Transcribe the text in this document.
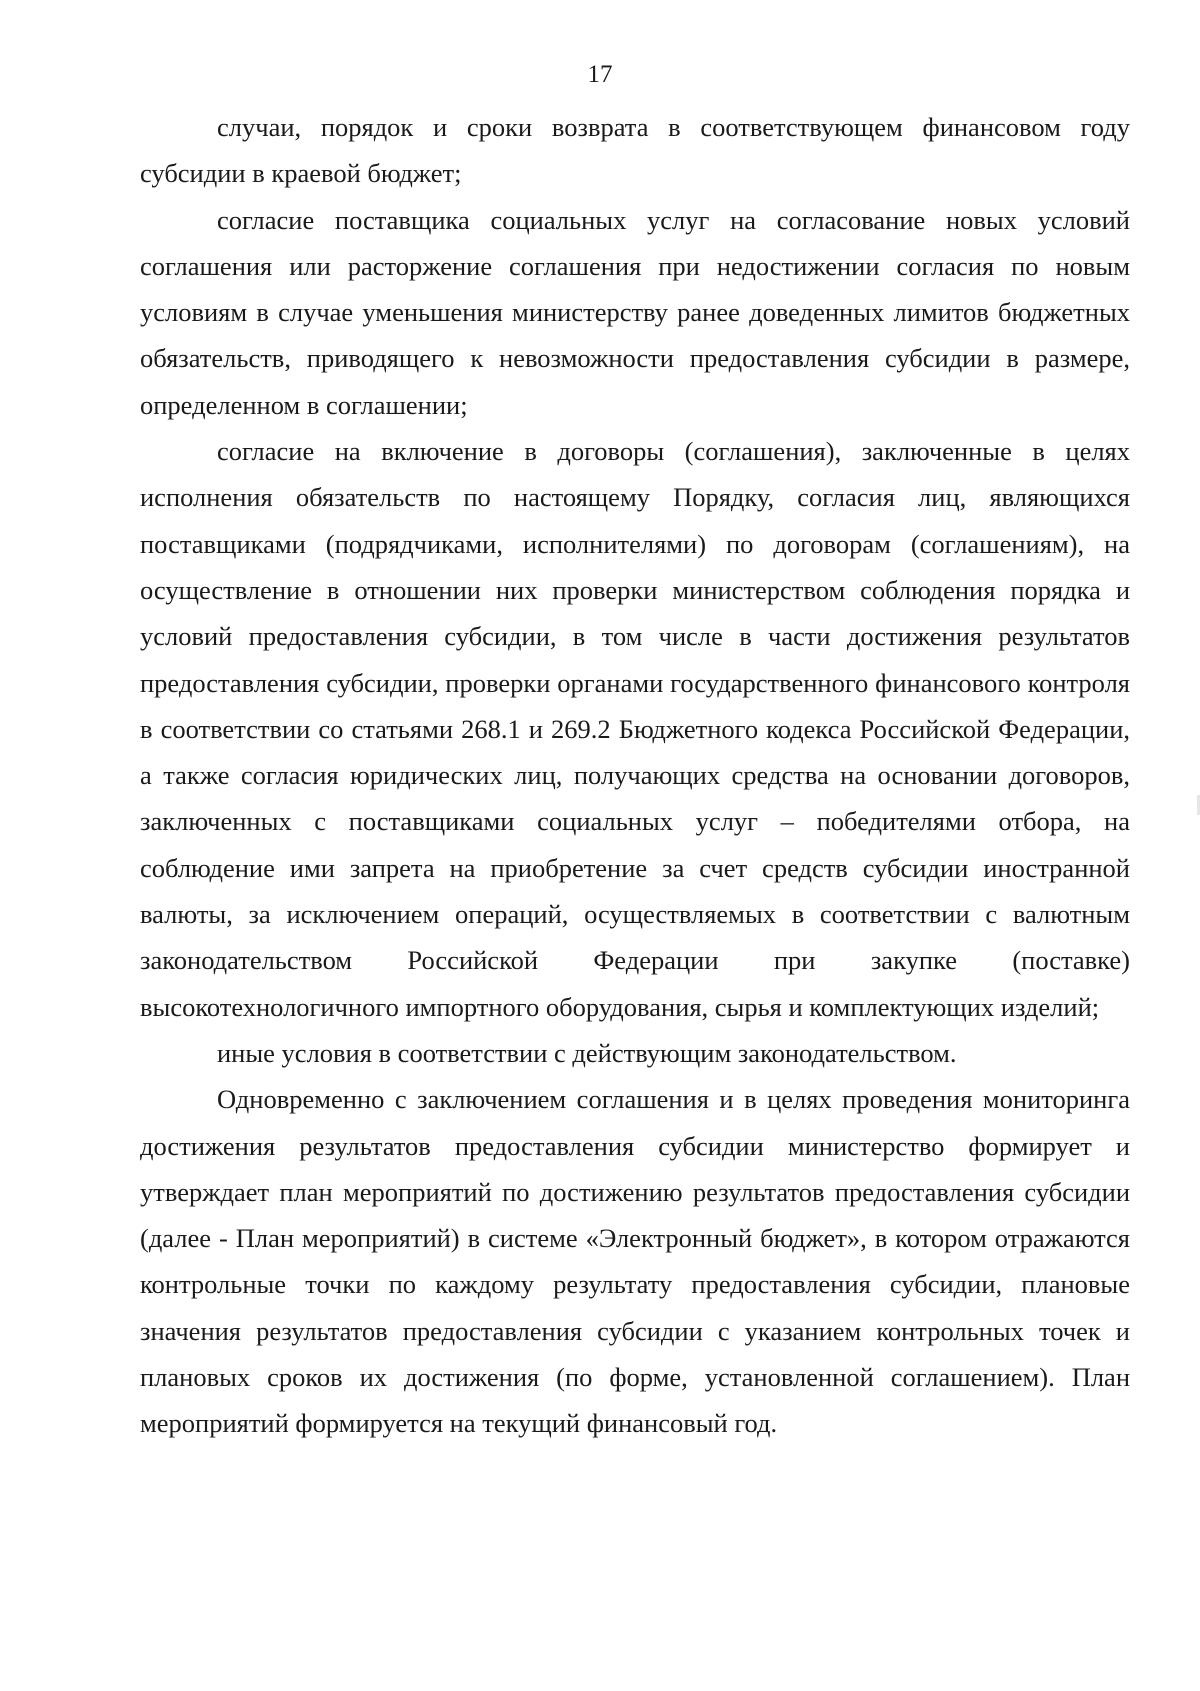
17

случаи, порядок и сроки возврата в соответствующем финансовом году субсидии в краевой бюджет;

согласие поставщика социальных услуг на согласование новых условий соглашения или расторжение соглашения при недостижении согласия по новым условиям в случае уменьшения министерству ранее доведенных лимитов бюджетных обязательств, приводящего к невозможности предоставления субсидии в размере, определенном в соглашении;

согласие на включение в договоры (соглашения), заключенные в целях исполнения обязательств по настоящему Порядку, согласия лиц, являющихся поставщиками (подрядчиками, исполнителями) по договорам (соглашениям), на осуществление в отношении них проверки министерством соблюдения порядка и условий предоставления субсидии, в том числе в части достижения результатов предоставления субсидии, проверки органами государственного финансового контроля в соответствии со статьями 268.1 и 269.2 Бюджетного кодекса Российской Федерации, а также согласия юридических лиц, получающих средства на основании договоров, заключенных с поставщиками социальных услуг – победителями отбора, на соблюдение ими запрета на приобретение за счет средств субсидии иностранной валюты, за исключением операций, осуществляемых в соответствии с валютным законодательством Российской Федерации при закупке (поставке) высокотехнологичного импортного оборудования, сырья и комплектующих изделий;

иные условия в соответствии с действующим законодательством.

Одновременно с заключением соглашения и в целях проведения мониторинга достижения результатов предоставления субсидии министерство формирует и утверждает план мероприятий по достижению результатов предоставления субсидии (далее - План мероприятий) в системе «Электронный бюджет», в котором отражаются контрольные точки по каждому результату предоставления субсидии, плановые значения результатов предоставления субсидии с указанием контрольных точек и плановых сроков их достижения (по форме, установленной соглашением). План мероприятий формируется на текущий финансовый год.
